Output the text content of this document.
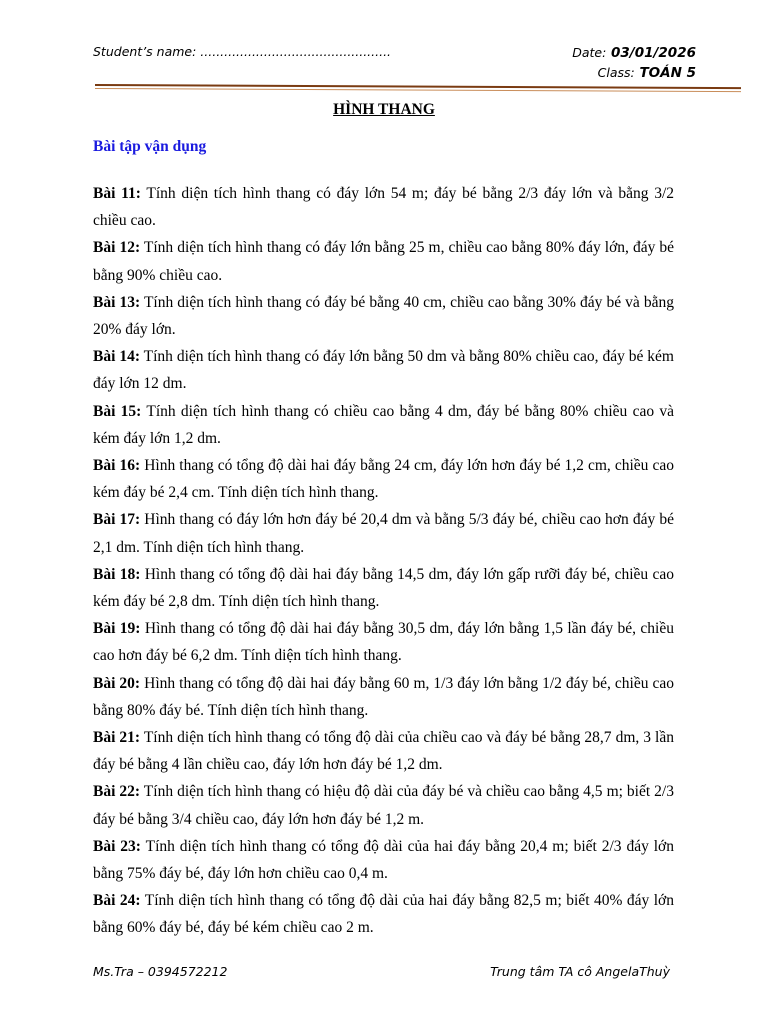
Student’s name: ................................................	Date: 03/01/2026
Class: TOÁN 5
HÌNH THANG
Bài tập vận dụng
Bài 11: Tính diện tích hình thang có đáy lớn 54 m; đáy bé bằng 2/3 đáy lớn và bằng 3/2 chiều cao.
Bài 12: Tính diện tích hình thang có đáy lớn bằng 25 m, chiều cao bằng 80% đáy lớn, đáy bé bằng 90% chiều cao.
Bài 13: Tính diện tích hình thang có đáy bé bằng 40 cm, chiều cao bằng 30% đáy bé và bằng 20% đáy lớn.
Bài 14: Tính diện tích hình thang có đáy lớn bằng 50 dm và bằng 80% chiều cao, đáy bé kém đáy lớn 12 dm.
Bài 15: Tính diện tích hình thang có chiều cao bằng 4 dm, đáy bé bằng 80% chiều cao và kém đáy lớn 1,2 dm.
Bài 16: Hình thang có tổng độ dài hai đáy bằng 24 cm, đáy lớn hơn đáy bé 1,2 cm, chiều cao kém đáy bé 2,4 cm. Tính diện tích hình thang.
Bài 17: Hình thang có đáy lớn hơn đáy bé 20,4 dm và bằng 5/3 đáy bé, chiều cao hơn đáy bé 2,1 dm. Tính diện tích hình thang.
Bài 18: Hình thang có tổng độ dài hai đáy bằng 14,5 dm, đáy lớn gấp rưỡi đáy bé, chiều cao kém đáy bé 2,8 dm. Tính diện tích hình thang.
Bài 19: Hình thang có tổng độ dài hai đáy bằng 30,5 dm, đáy lớn bằng 1,5 lần đáy bé, chiều cao hơn đáy bé 6,2 dm. Tính diện tích hình thang.
Bài 20: Hình thang có tổng độ dài hai đáy bằng 60 m, 1/3 đáy lớn bằng 1/2 đáy bé, chiều cao bằng 80% đáy bé. Tính diện tích hình thang.
Bài 21: Tính diện tích hình thang có tổng độ dài của chiều cao và đáy bé bằng 28,7 dm, 3 lần đáy bé bằng 4 lần chiều cao, đáy lớn hơn đáy bé 1,2 dm.
Bài 22: Tính diện tích hình thang có hiệu độ dài của đáy bé và chiều cao bằng 4,5 m; biết 2/3 đáy bé bằng 3/4 chiều cao, đáy lớn hơn đáy bé 1,2 m.
Bài 23: Tính diện tích hình thang có tổng độ dài của hai đáy bằng 20,4 m; biết 2/3 đáy lớn bằng 75% đáy bé, đáy lớn hơn chiều cao 0,4 m.
Bài 24: Tính diện tích hình thang có tổng độ dài của hai đáy bằng 82,5 m; biết 40% đáy lớn bằng 60% đáy bé, đáy bé kém chiều cao 2 m.
Ms.Tra – 0394572212	Trung tâm TA cô AngelaThuỳ
